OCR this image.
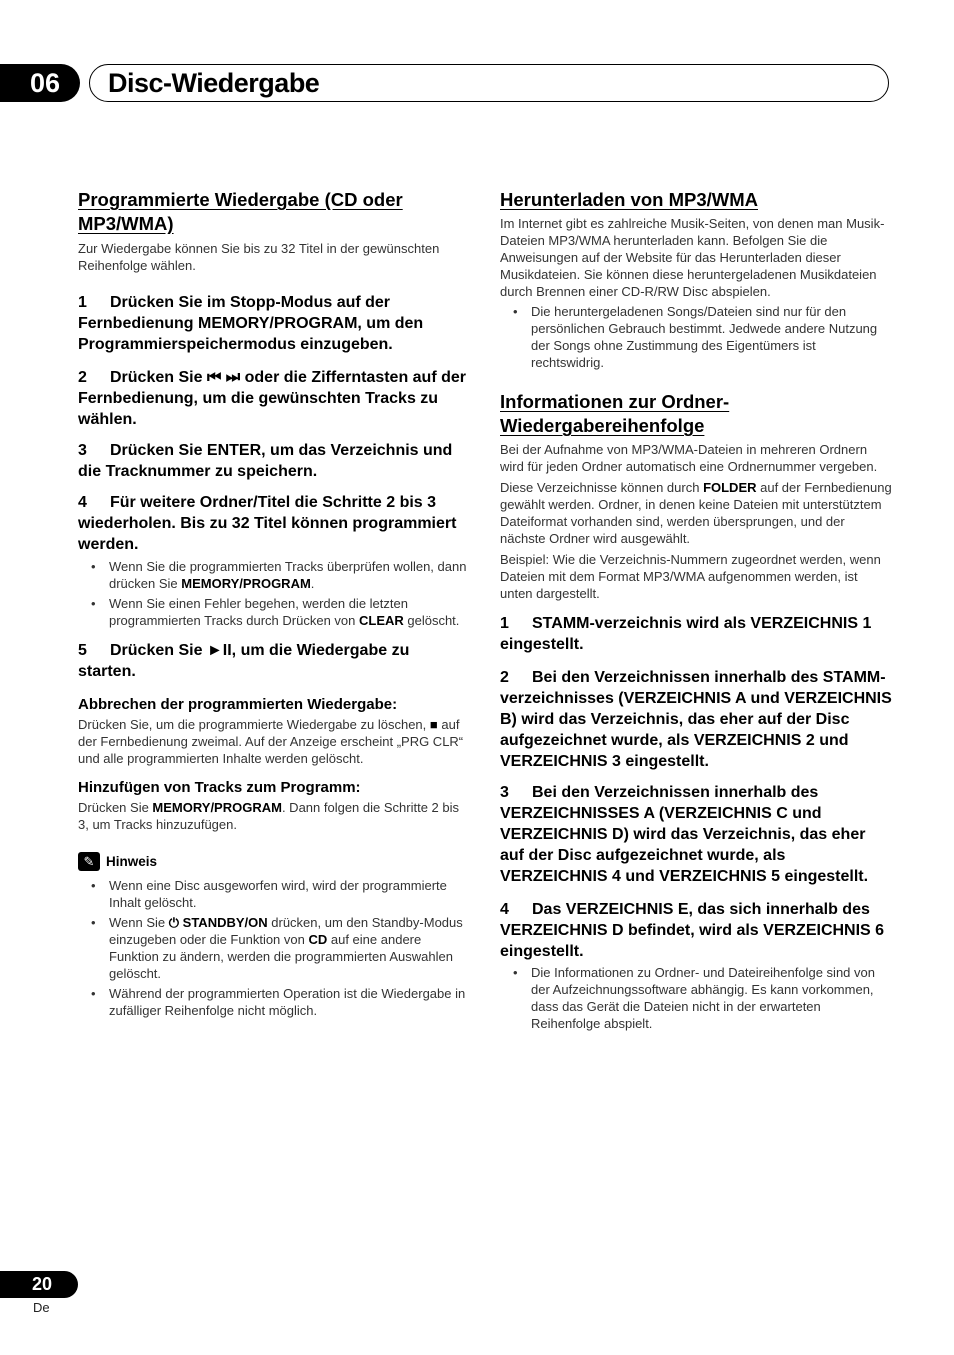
06	Disc-Wiedergabe
Programmierte Wiedergabe (CD oder MP3/WMA)

Zur Wiedergabe können Sie bis zu 32 Titel in der gewünschten Reihenfolge wählen.

1 Drücken Sie im Stopp-Modus auf der Fernbedienung MEMORY/PROGRAM, um den Programmierspeichermodus einzugeben.

2 Drücken Sie ⏮ ⏭ oder die Zifferntasten auf der Fernbedienung, um die gewünschten Tracks zu wählen.

3 Drücken Sie ENTER, um das Verzeichnis und die Tracknummer zu speichern.

4 Für weitere Ordner/Titel die Schritte 2 bis 3 wiederholen. Bis zu 32 Titel können programmiert werden.

• Wenn Sie die programmierten Tracks überprüfen wollen, dann drücken Sie MEMORY/PROGRAM.
• Wenn Sie einen Fehler begehen, werden die letzten programmierten Tracks durch Drücken von CLEAR gelöscht.

5 Drücken Sie ►II, um die Wiedergabe zu starten.

Abbrechen der programmierten Wiedergabe:

Drücken Sie, um die programmierte Wiedergabe zu löschen, ■ auf der Fernbedienung zweimal. Auf der Anzeige erscheint „PRG CLR“ und alle programmierten Inhalte werden gelöscht.

Hinzufügen von Tracks zum Programm:

Drücken Sie MEMORY/PROGRAM. Dann folgen die Schritte 2 bis 3, um Tracks hinzuzufügen.

✎ Hinweis
• Wenn eine Disc ausgeworfen wird, wird der programmierte Inhalt gelöscht.
• Wenn Sie ⏻ STANDBY/ON drücken, um den Standby-Modus einzugeben oder die Funktion von CD auf eine andere Funktion zu ändern, werden die programmierten Auswahlen gelöscht.
• Während der programmierten Operation ist die Wiedergabe in zufälliger Reihenfolge nicht möglich.
Herunterladen von MP3/WMA

Im Internet gibt es zahlreiche Musik-Seiten, von denen man Musik-Dateien MP3/WMA herunterladen kann. Befolgen Sie die Anweisungen auf der Website für das Herunterladen dieser Musikdateien. Sie können diese heruntergeladenen Musikdateien durch Brennen einer CD-R/RW Disc abspielen.

• Die heruntergeladenen Songs/Dateien sind nur für den persönlichen Gebrauch bestimmt. Jedwede andere Nutzung der Songs ohne Zustimmung des Eigentümers ist rechtswidrig.
Informationen zur Ordner-Wiedergabereihenfolge

Bei der Aufnahme von MP3/WMA-Dateien in mehreren Ordnern wird für jeden Ordner automatisch eine Ordnernummer vergeben.

Diese Verzeichnisse können durch FOLDER auf der Fernbedienung gewählt werden. Ordner, in denen keine Dateien mit unterstütztem Dateiformat vorhanden sind, werden übersprungen, und der nächste Ordner wird ausgewählt.

Beispiel: Wie die Verzeichnis-Nummern zugeordnet werden, wenn Dateien mit dem Format MP3/WMA aufgenommen werden, ist unten dargestellt.

1 STAMM-verzeichnis wird als VERZEICHNIS 1 eingestellt.

2 Bei den Verzeichnissen innerhalb des STAMM-verzeichnisses (VERZEICHNIS A und VERZEICHNIS B) wird das Verzeichnis, das eher auf der Disc aufgezeichnet wurde, als VERZEICHNIS 2 und VERZEICHNIS 3 eingestellt.

3 Bei den Verzeichnissen innerhalb des VERZEICHNISSES A (VERZEICHNIS C und VERZEICHNIS D) wird das Verzeichnis, das eher auf der Disc aufgezeichnet wurde, als VERZEICHNIS 4 und VERZEICHNIS 5 eingestellt.

4 Das VERZEICHNIS E, das sich innerhalb des VERZEICHNIS D befindet, wird als VERZEICHNIS 6 eingestellt.

• Die Informationen zu Ordner- und Dateireihenfolge sind von der Aufzeichnungssoftware abhängig. Es kann vorkommen, dass das Gerät die Dateien nicht in der erwarteten Reihenfolge abspielt.
20
De
